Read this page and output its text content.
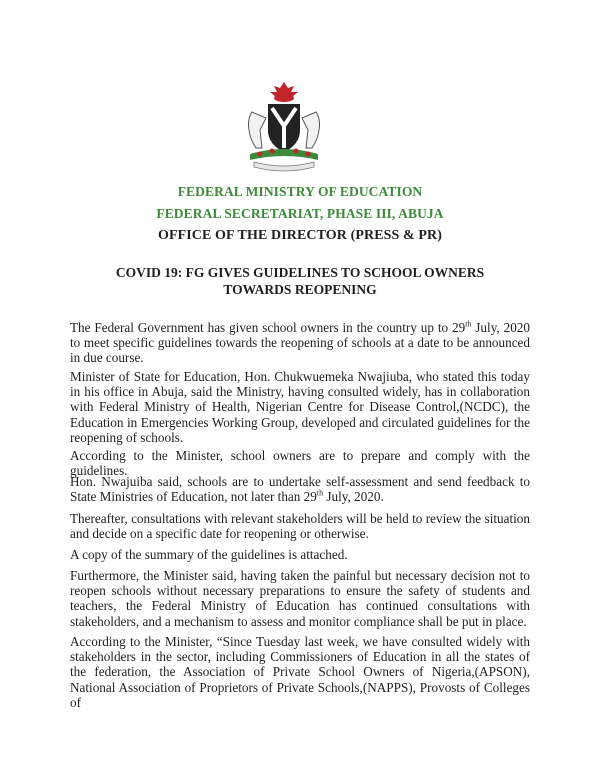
FEDERAL MINISTRY OF EDUCATION
FEDERAL SECRETARIAT, PHASE III, ABUJA
OFFICE OF THE DIRECTOR (PRESS & PR)
COVID 19: FG GIVES GUIDELINES TO SCHOOL OWNERS TOWARDS REOPENING

The Federal Government has given school owners in the country up to 29th July, 2020 to meet specific guidelines towards the reopening of schools at a date to be announced in due course.

Minister of State for Education, Hon. Chukwuemeka Nwajiuba, who stated this today in his office in Abuja, said the Ministry, having consulted widely, has in collaboration with Federal Ministry of Health, Nigerian Centre for Disease Control,(NCDC), the Education in Emergencies Working Group, developed and circulated guidelines for the reopening of schools.

According to the Minister, school owners are to prepare and comply with the guidelines.

Hon. Nwajuiba said, schools are to undertake self-assessment and send feedback to State Ministries of Education, not later than 29th July, 2020.

Thereafter, consultations with relevant stakeholders will be held to review the situation and decide on a specific date for reopening or otherwise.

A copy of the summary of the guidelines is attached.

Furthermore, the Minister said, having taken the painful but necessary decision not to reopen schools without necessary preparations to ensure the safety of students and teachers, the Federal Ministry of Education has continued consultations with stakeholders, and a mechanism to assess and monitor compliance shall be put in place.

According to the Minister, “Since Tuesday last week, we have consulted widely with stakeholders in the sector, including Commissioners of Education in all the states of the federation, the Association of Private School Owners of Nigeria,(APSON), National Association of Proprietors of Private Schools,(NAPPS), Provosts of Colleges of
